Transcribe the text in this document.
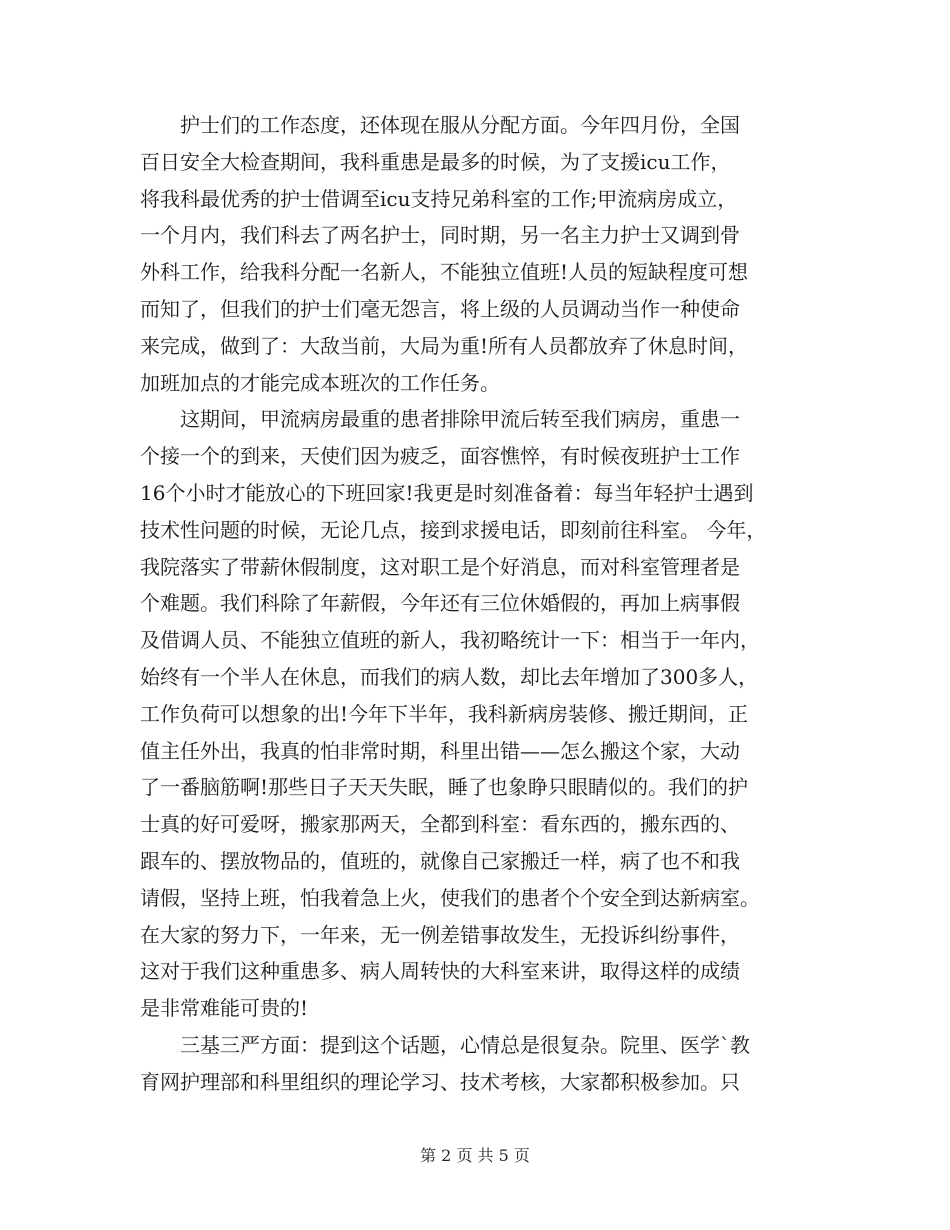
　　护士们的工作态度，还体现在服从分配方面。今年四月份，全国
百日安全大检查期间，我科重患是最多的时候，为了支援icu工作，
将我科最优秀的护士借调至icu支持兄弟科室的工作;甲流病房成立，
一个月内，我们科去了两名护士，同时期，另一名主力护士又调到骨
外科工作，给我科分配一名新人，不能独立值班!人员的短缺程度可想
而知了，但我们的护士们毫无怨言，将上级的人员调动当作一种使命
来完成，做到了：大敌当前，大局为重!所有人员都放弃了休息时间，
加班加点的才能完成本班次的工作任务。
　　这期间，甲流病房最重的患者排除甲流后转至我们病房，重患一
个接一个的到来，天使们因为疲乏，面容憔悴，有时候夜班护士工作
16个小时才能放心的下班回家!我更是时刻准备着：每当年轻护士遇到
技术性问题的时候，无论几点，接到求援电话，即刻前往科室。 今年，
我院落实了带薪休假制度，这对职工是个好消息，而对科室管理者是
个难题。我们科除了年薪假，今年还有三位休婚假的，再加上病事假
及借调人员、不能独立值班的新人，我初略统计一下：相当于一年内，
始终有一个半人在休息，而我们的病人数，却比去年增加了300多人，
工作负荷可以想象的出!今年下半年，我科新病房装修、搬迁期间，正
值主任外出，我真的怕非常时期，科里出错——怎么搬这个家，大动
了一番脑筋啊!那些日子天天失眠，睡了也象睁只眼睛似的。我们的护
士真的好可爱呀，搬家那两天，全都到科室：看东西的，搬东西的、
跟车的、摆放物品的，值班的，就像自己家搬迁一样，病了也不和我
请假，坚持上班，怕我着急上火，使我们的患者个个安全到达新病室。
在大家的努力下，一年来，无一例差错事故发生，无投诉纠纷事件，
这对于我们这种重患多、病人周转快的大科室来讲，取得这样的成绩
是非常难能可贵的!
　　三基三严方面：提到这个话题，心情总是很复杂。院里、医学`教
育网护理部和科里组织的理论学习、技术考核，大家都积极参加。只
第 2 页 共 5 页
